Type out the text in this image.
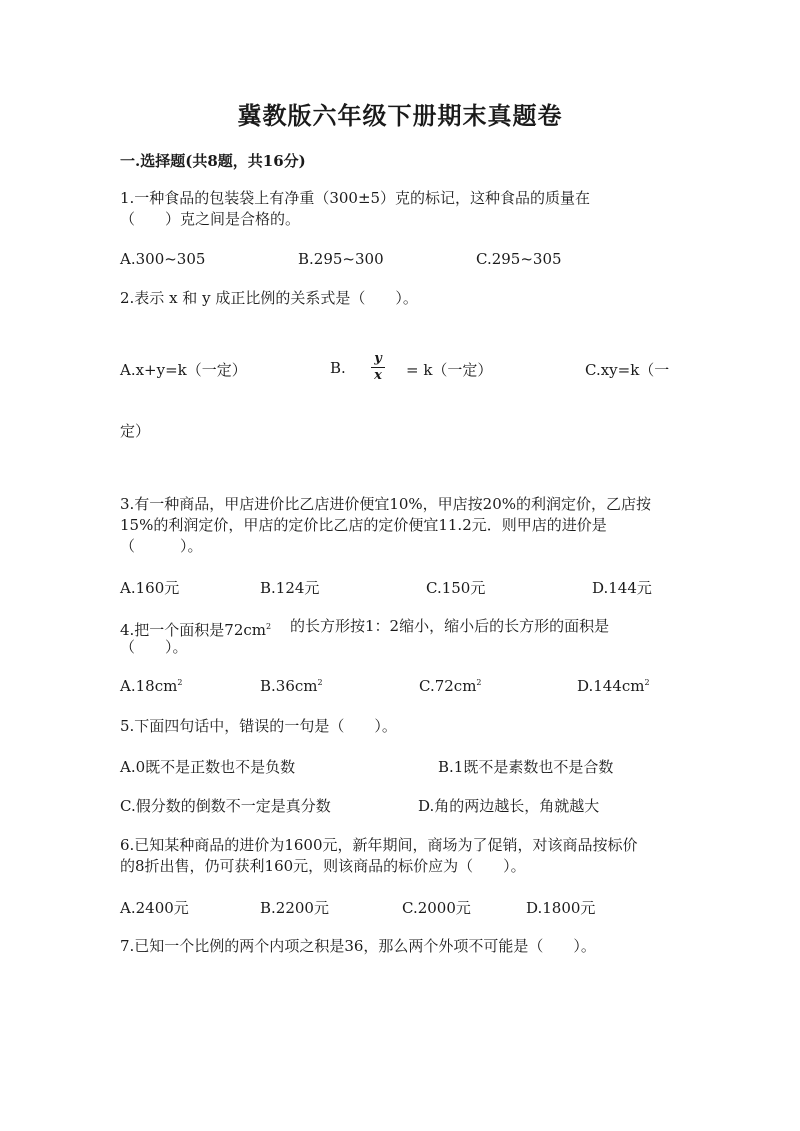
冀教版六年级下册期末真题卷
一.选择题(共8题，共16分)
1.一种食品的包装袋上有净重（300±5）克的标记，这种食品的质量在
（　　）克之间是合格的。
A.300~305	B.295~300	C.295~305
2.表示 x 和 y 成正比例的关系式是（　　）。
A.x+y=k（一定）	B.
y
x = k（一定）	C.xy=k（一
定）
3.有一种商品，甲店进价比乙店进价便宜10%，甲店按20%的利润定价，乙店按
15%的利润定价，甲店的定价比乙店的定价便宜11.2元．则甲店的进价是
（　　　）。
A.160元	B.124元	C.150元	D.144元
4.把一个面积是$72cm^2$ 的长方形按1：2缩小，缩小后的长方形的面积是
（　　）。
$A.18cm^2$	$B.36cm^2$	$C.72cm^2$	$D.144cm^2$
5.下面四句话中，错误的一句是（　　）。
A.0既不是正数也不是负数	B.1既不是素数也不是合数
C.假分数的倒数不一定是真分数	D.角的两边越长，角就越大
6.已知某种商品的进价为1600元，新年期间，商场为了促销，对该商品按标价
的8折出售，仍可获利160元，则该商品的标价应为（　　）。
A.2400元	B.2200元	C.2000元	D.1800元
7.已知一个比例的两个内项之积是36，那么两个外项不可能是（　　）。
